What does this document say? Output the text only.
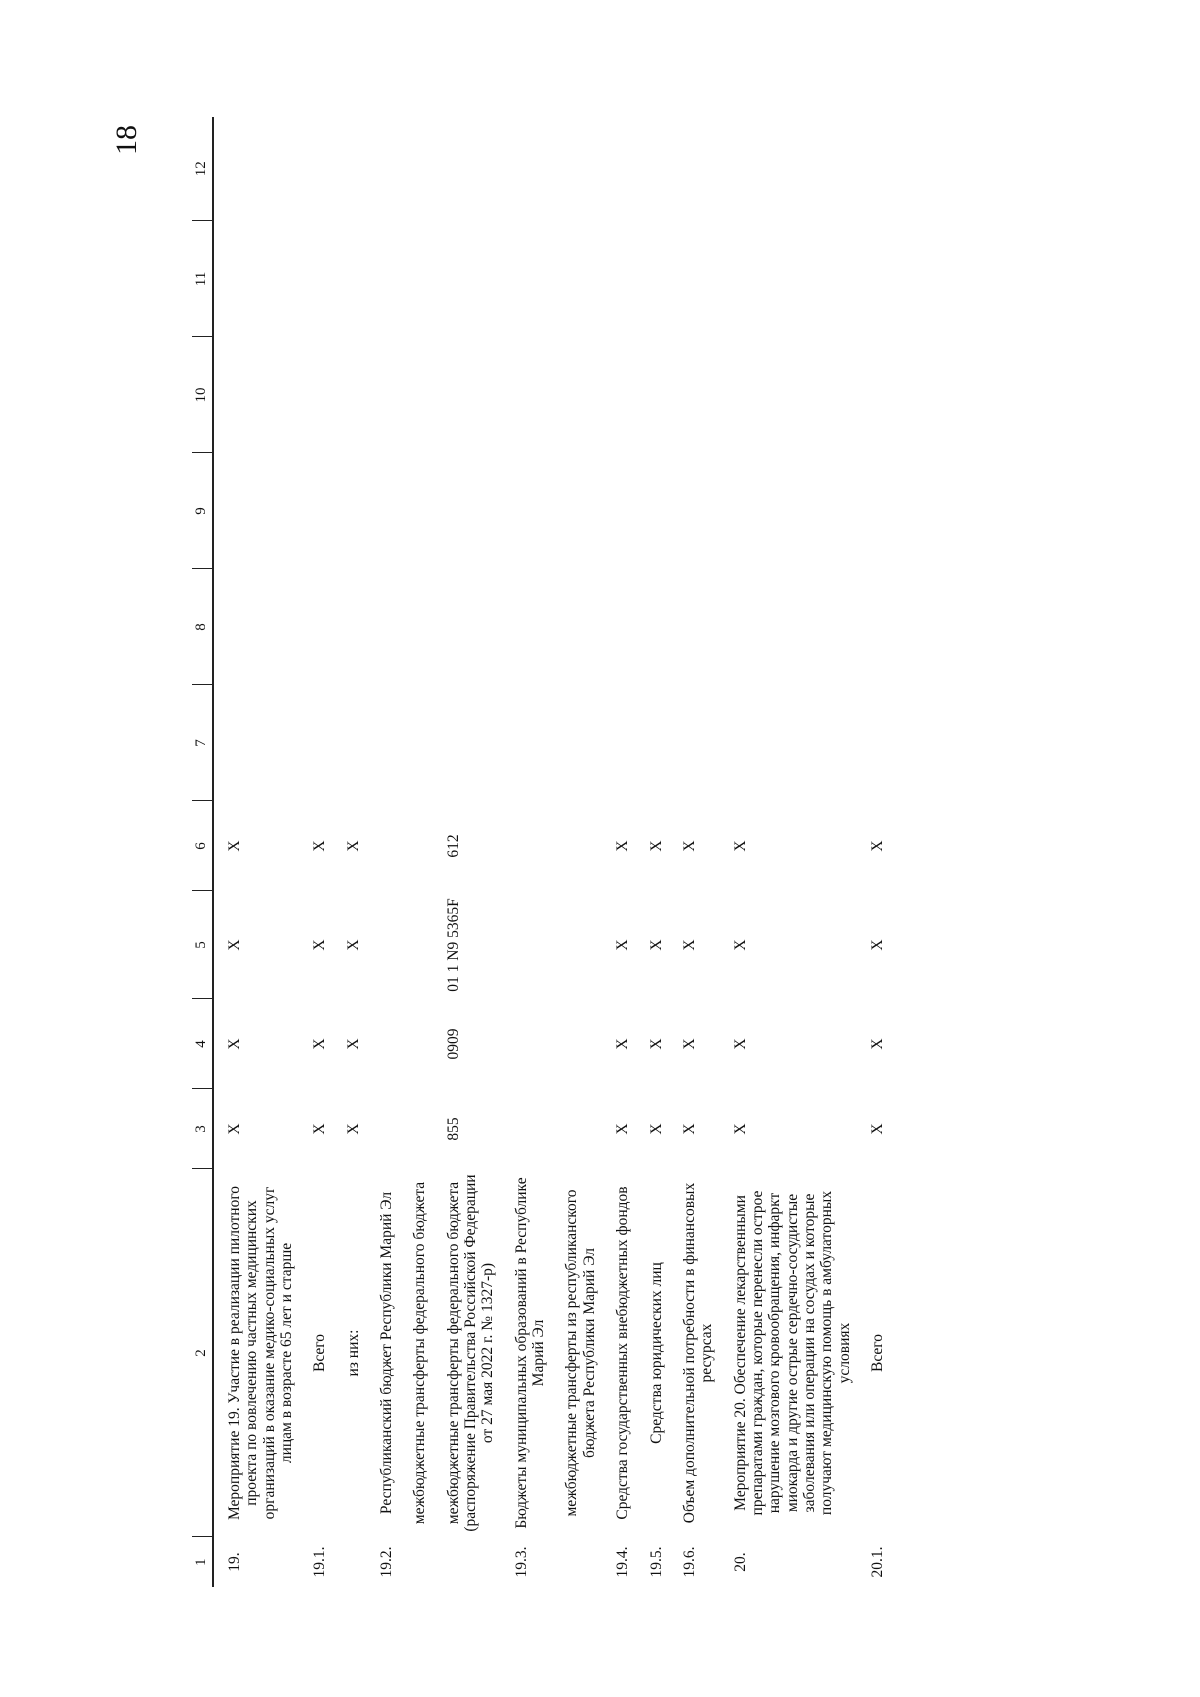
18
1	2	3	4	5	6	7	8	9	10	11	12
19.	Мероприятие 19. Участие в реализации пилотного проекта по вовлечению частных медицинских организаций в оказание медико-социальных услуг лицам в возрасте 65 лет и старше	X	X	X	X						
19.1.	Всего	X	X	X	X						
	из них:	X	X	X	X						
19.2.	Республиканский бюджет Республики Марий Эл										
	межбюджетные трансферты федерального бюджета										
	межбюджетные трансферты федерального бюджета (распоряжение Правительства Российской Федерации от 27 мая 2022 г. № 1327-р)	855	0909	01 1 N9 5365F	612						
19.3.	Бюджеты муниципальных образований в Республике Марий Эл										
	межбюджетные трансферты из республиканского бюджета Республики Марий Эл										
19.4.	Средства государственных внебюджетных фондов	X	X	X	X						
19.5.	Средства юридических лиц	X	X	X	X						
19.6.	Объем дополнительной потребности в финансовых ресурсах	X	X	X	X						
20.	Мероприятие 20. Обеспечение лекарственными препаратами граждан, которые перенесли острое нарушение мозгового кровообращения, инфаркт миокарда и другие острые сердечно-сосудистые заболевания или операции на сосудах и которые получают медицинскую помощь в амбулаторных условиях	X	X	X	X						
20.1.	Всего	X	X	X	X						
